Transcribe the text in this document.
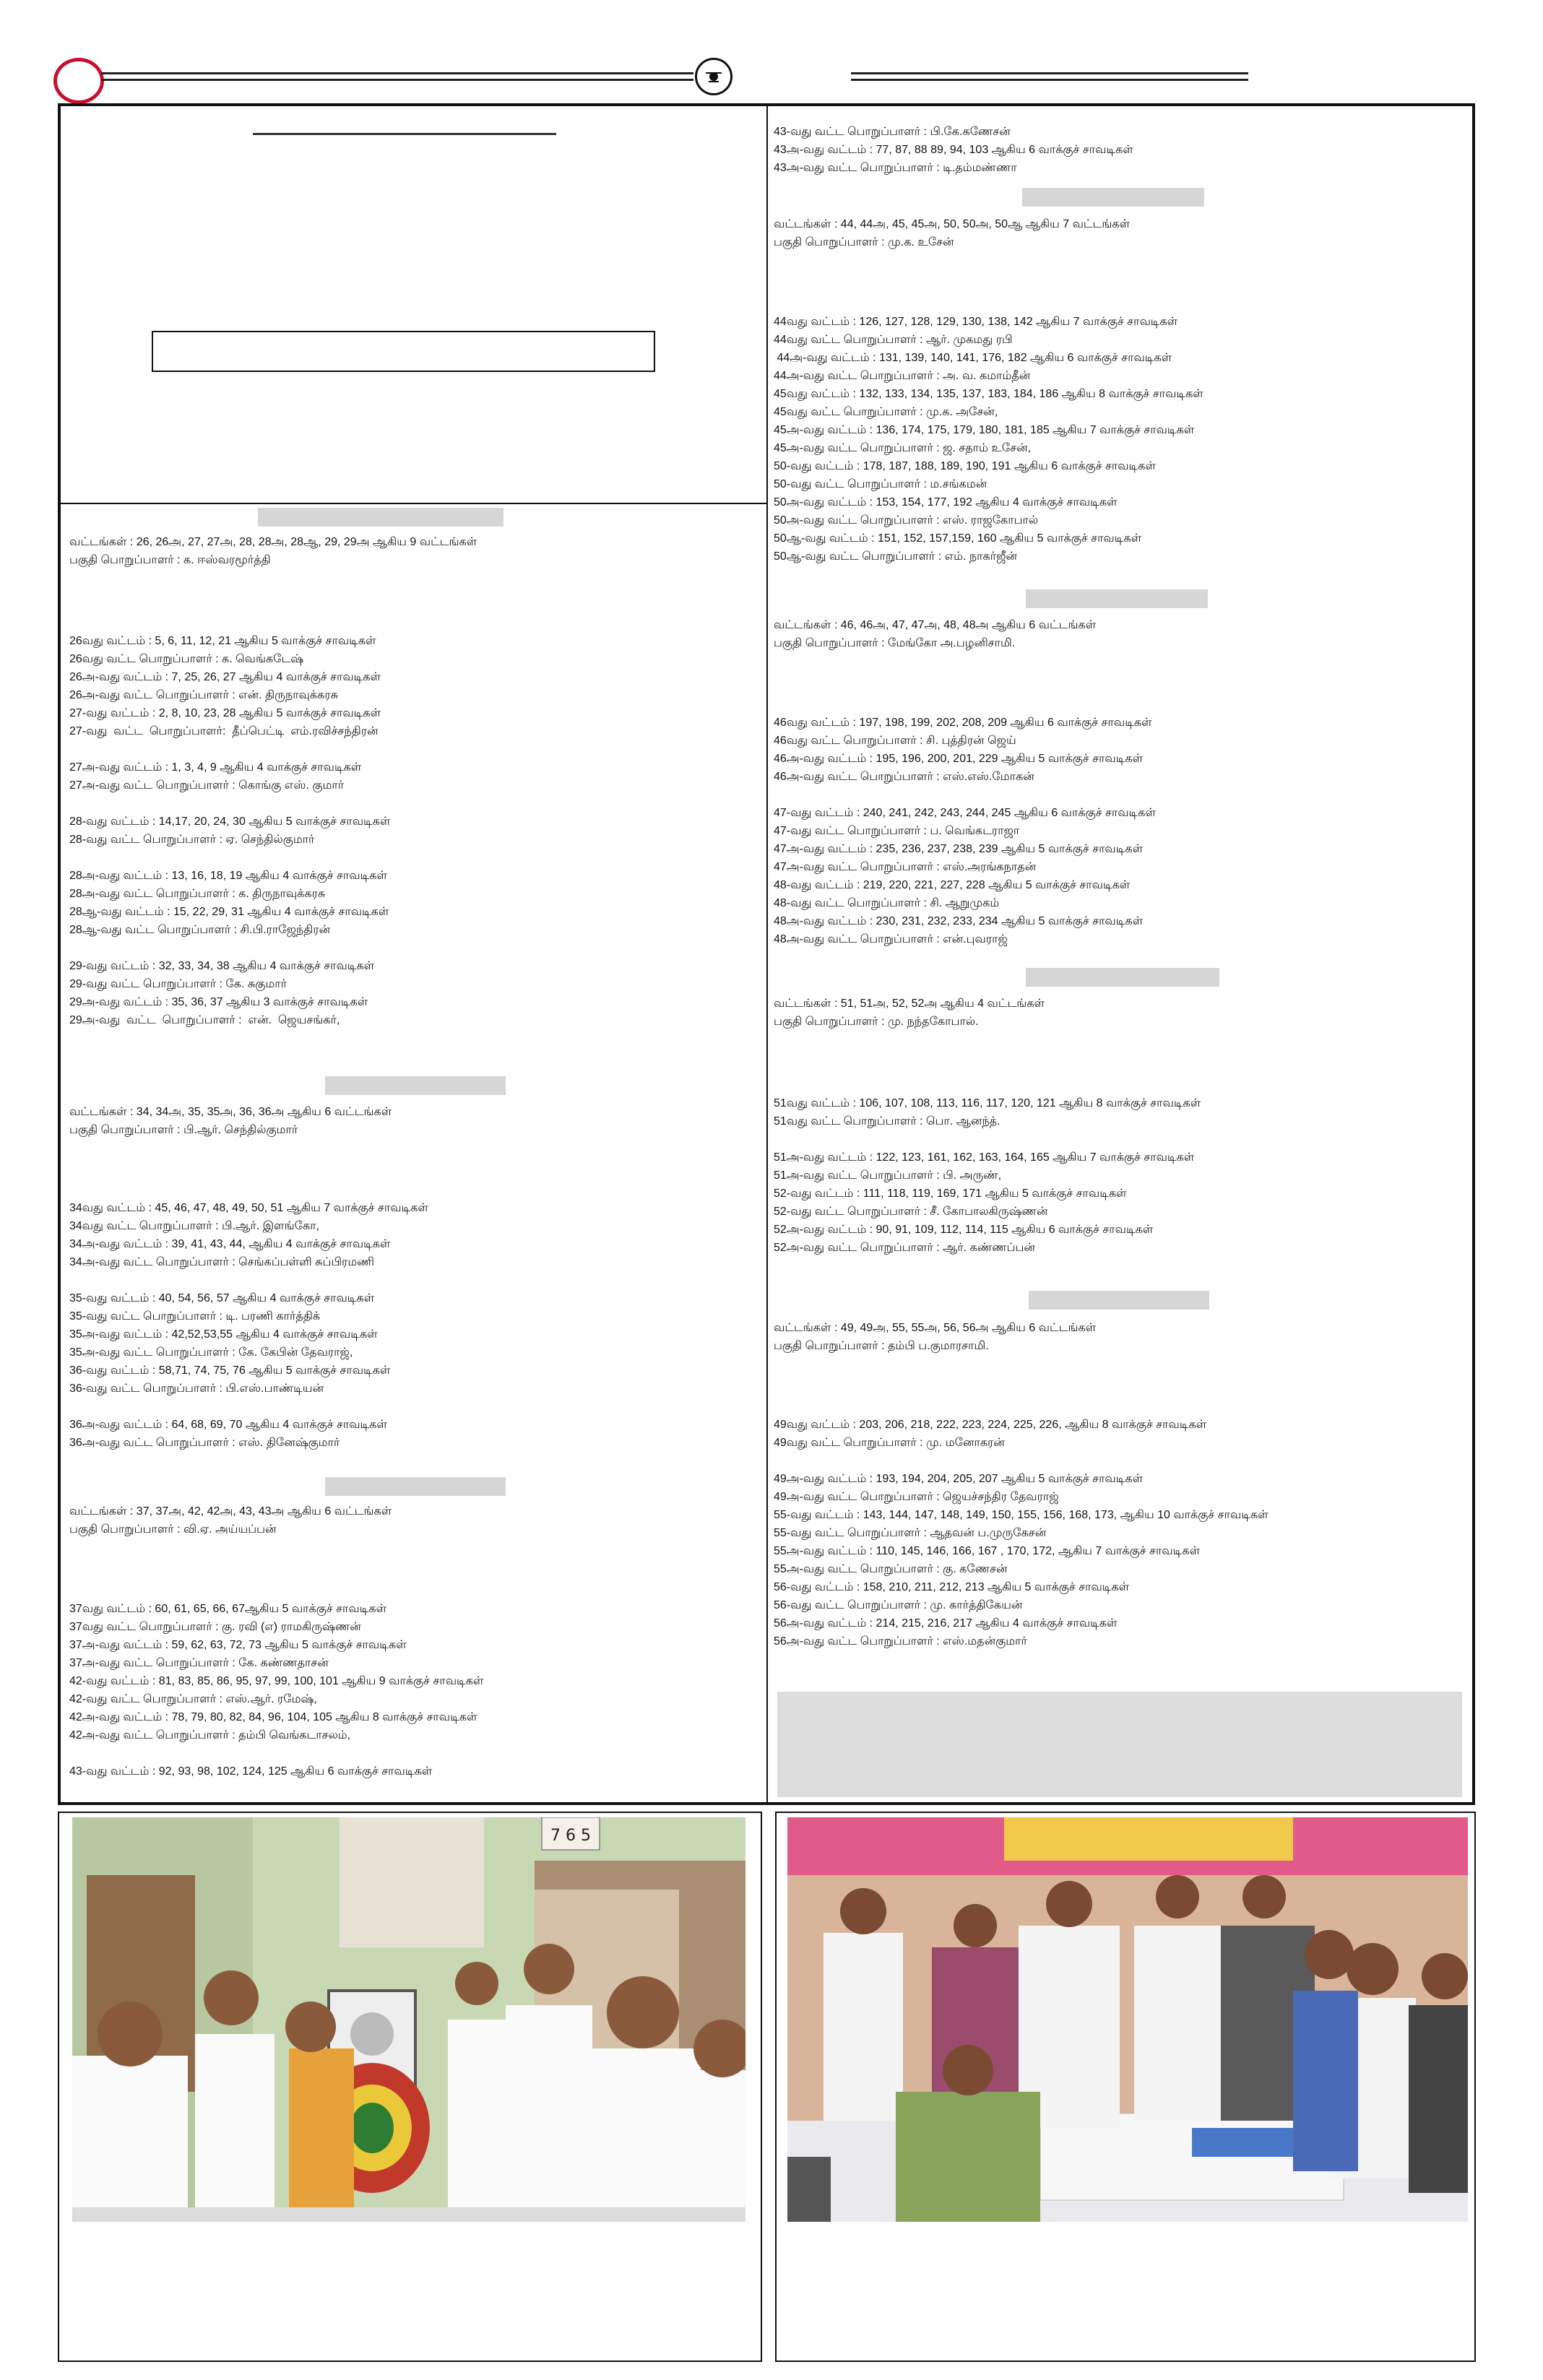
வட்டங்கள் : 26, 26அ, 27, 27அ, 28, 28அ, 28ஆ, 29, 29அ ஆகிய 9 வட்டங்கள்
பகுதி பொறுப்பாளர் : க. ஈஸ்வரமூர்த்தி
26வது வட்டம் : 5, 6, 11, 12, 21 ஆகிய 5 வாக்குச் சாவடிகள்
26வது வட்ட பொறுப்பாளர் : க. வெங்கடேஷ்
26அ-வது வட்டம் : 7, 25, 26, 27 ஆகிய 4 வாக்குச் சாவடிகள்
26அ-வது வட்ட பொறுப்பாளர் : என். திருநாவுக்கரசு
27-வது வட்டம் : 2, 8, 10, 23, 28 ஆகிய 5 வாக்குச் சாவடிகள்
27-வது  வட்ட  பொறுப்பாளர்:  தீப்பெட்டி  எம்.ரவிச்சந்திரன்
27அ-வது வட்டம் : 1, 3, 4, 9 ஆகிய 4 வாக்குச் சாவடிகள்
27அ-வது வட்ட பொறுப்பாளர் : கொங்கு எஸ். குமார்
28-வது வட்டம் : 14,17, 20, 24, 30 ஆகிய 5 வாக்குச் சாவடிகள்
28-வது வட்ட பொறுப்பாளர் : ஏ. செந்தில்குமார்
28அ-வது வட்டம் : 13, 16, 18, 19 ஆகிய 4 வாக்குச் சாவடிகள்
28அ-வது வட்ட பொறுப்பாளர் : க. திருநாவுக்கரசு
28ஆ-வது வட்டம் : 15, 22, 29, 31 ஆகிய 4 வாக்குச் சாவடிகள்
28ஆ-வது வட்ட பொறுப்பாளர் : சி.பி.ராஜேந்திரன்
29-வது வட்டம் : 32, 33, 34, 38 ஆகிய 4 வாக்குச் சாவடிகள்
29-வது வட்ட பொறுப்பாளர் : கே. சுகுமார்
29அ-வது வட்டம் : 35, 36, 37 ஆகிய 3 வாக்குச் சாவடிகள்
29அ-வது  வட்ட  பொறுப்பாளர் :  என்.  ஜெயசங்கர்,
வட்டங்கள் : 34, 34அ, 35, 35அ, 36, 36அ ஆகிய 6 வட்டங்கள்
பகுதி பொறுப்பாளர் : பி.ஆர். செந்தில்குமார்
34வது வட்டம் : 45, 46, 47, 48, 49, 50, 51 ஆகிய 7 வாக்குச் சாவடிகள்
34வது வட்ட பொறுப்பாளர் : பி.ஆர். இளங்கோ,
34அ-வது வட்டம் : 39, 41, 43, 44, ஆகிய 4 வாக்குச் சாவடிகள்
34அ-வது வட்ட பொறுப்பாளர் : செங்கப்பள்ளி சுப்பிரமணி
35-வது வட்டம் : 40, 54, 56, 57 ஆகிய 4 வாக்குச் சாவடிகள்
35-வது வட்ட பொறுப்பாளர் : டி. பரணி கார்த்திக்
35அ-வது வட்டம் : 42,52,53,55 ஆகிய 4 வாக்குச் சாவடிகள்
35அ-வது வட்ட பொறுப்பாளர் : கே. கேபின் தேவராஜ்,
36-வது வட்டம் : 58,71, 74, 75, 76 ஆகிய 5 வாக்குச் சாவடிகள்
36-வது வட்ட பொறுப்பாளர் : பி.எஸ்.பாண்டியன்
36அ-வது வட்டம் : 64, 68, 69, 70 ஆகிய 4 வாக்குச் சாவடிகள்
36அ-வது வட்ட பொறுப்பாளர் : எஸ். தினேஷ்குமார்
வட்டங்கள் : 37, 37அ, 42, 42அ, 43, 43அ ஆகிய 6 வட்டங்கள்
பகுதி பொறுப்பாளர் : வி.ஏ. அய்யப்பன்
37வது வட்டம் : 60, 61, 65, 66, 67ஆகிய 5 வாக்குச் சாவடிகள்
37வது வட்ட பொறுப்பாளர் : கு. ரவி (எ) ராமகிருஷ்ணன்
37அ-வது வட்டம் : 59, 62, 63, 72, 73 ஆகிய 5 வாக்குச் சாவடிகள்
37அ-வது வட்ட பொறுப்பாளர் : கே. கண்ணதாசன்
42-வது வட்டம் : 81, 83, 85, 86, 95, 97, 99, 100, 101 ஆகிய 9 வாக்குச் சாவடிகள்
42-வது வட்ட பொறுப்பாளர் : எஸ்.ஆர். ரமேஷ்,
42அ-வது வட்டம் : 78, 79, 80, 82, 84, 96, 104, 105 ஆகிய 8 வாக்குச் சாவடிகள்
42அ-வது வட்ட பொறுப்பாளர் : தம்பி வெங்கடாசலம்,
43-வது வட்டம் : 92, 93, 98, 102, 124, 125 ஆகிய 6 வாக்குச் சாவடிகள்
43-வது வட்ட பொறுப்பாளர் : பி.கே.கணேசன்
43அ-வது வட்டம் : 77, 87, 88 89, 94, 103 ஆகிய 6 வாக்குச் சாவடிகள்
43அ-வது வட்ட பொறுப்பாளர் : டி.தம்மண்ணா
வட்டங்கள் : 44, 44அ, 45, 45அ, 50, 50அ, 50ஆ ஆகிய 7 வட்டங்கள்
பகுதி பொறுப்பாளர் : மு.க. உசேன்
44வது வட்டம் : 126, 127, 128, 129, 130, 138, 142 ஆகிய 7 வாக்குச் சாவடிகள்
44வது வட்ட பொறுப்பாளர் : ஆர். முகமது ரபி
44அ-வது வட்டம் : 131, 139, 140, 141, 176, 182 ஆகிய 6 வாக்குச் சாவடிகள்
44அ-வது வட்ட பொறுப்பாளர் : அ. வ. கமாம்தீன்
45வது வட்டம் : 132, 133, 134, 135, 137, 183, 184, 186 ஆகிய 8 வாக்குச் சாவடிகள்
45வது வட்ட பொறுப்பாளர் : மு.க. அசேன்,
45அ-வது வட்டம் : 136, 174, 175, 179, 180, 181, 185 ஆகிய 7 வாக்குச் சாவடிகள்
45அ-வது வட்ட பொறுப்பாளர் : ஜ. சதாம் உசேன்,
50-வது வட்டம் : 178, 187, 188, 189, 190, 191 ஆகிய 6 வாக்குச் சாவடிகள்
50-வது வட்ட பொறுப்பாளர் : ம.சங்கமன்
50அ-வது வட்டம் : 153, 154, 177, 192 ஆகிய 4 வாக்குச் சாவடிகள்
50அ-வது வட்ட பொறுப்பாளர் : எஸ். ராஜகோபால்
50ஆ-வது வட்டம் : 151, 152, 157,159, 160 ஆகிய 5 வாக்குச் சாவடிகள்
50ஆ-வது வட்ட பொறுப்பாளர் : எம். நாகர்ஜீன்
வட்டங்கள் : 46, 46அ, 47, 47அ, 48, 48அ ஆகிய 6 வட்டங்கள்
பகுதி பொறுப்பாளர் : மேங்கோ அ.பழனிசாமி.
46வது வட்டம் : 197, 198, 199, 202, 208, 209 ஆகிய 6 வாக்குச் சாவடிகள்
46வது வட்ட பொறுப்பாளர் : சி. புத்திரன் ஜெய்
46அ-வது வட்டம் : 195, 196, 200, 201, 229 ஆகிய 5 வாக்குச் சாவடிகள்
46அ-வது வட்ட பொறுப்பாளர் : எஸ்.எஸ்.மோகன்
47-வது வட்டம் : 240, 241, 242, 243, 244, 245 ஆகிய 6 வாக்குச் சாவடிகள்
47-வது வட்ட பொறுப்பாளர் : ப. வெங்கடராஜா
47அ-வது வட்டம் : 235, 236, 237, 238, 239 ஆகிய 5 வாக்குச் சாவடிகள்
47அ-வது வட்ட பொறுப்பாளர் : எஸ்.அரங்கநாதன்
48-வது வட்டம் : 219, 220, 221, 227, 228 ஆகிய 5 வாக்குச் சாவடிகள்
48-வது வட்ட பொறுப்பாளர் : சி. ஆறுமுகம்
48அ-வது வட்டம் : 230, 231, 232, 233, 234 ஆகிய 5 வாக்குச் சாவடிகள்
48அ-வது வட்ட பொறுப்பாளர் : என்.புவராஜ்
வட்டங்கள் : 51, 51அ, 52, 52அ ஆகிய 4 வட்டங்கள்
பகுதி பொறுப்பாளர் : மு. நந்தகோபால்.
51வது வட்டம் : 106, 107, 108, 113, 116, 117, 120, 121 ஆகிய 8 வாக்குச் சாவடிகள்
51வது வட்ட பொறுப்பாளர் : பொ. ஆனந்த்.
51அ-வது வட்டம் : 122, 123, 161, 162, 163, 164, 165 ஆகிய 7 வாக்குச் சாவடிகள்
51அ-வது வட்ட பொறுப்பாளர் : பி. அருண்,
52-வது வட்டம் : 111, 118, 119, 169, 171 ஆகிய 5 வாக்குச் சாவடிகள்
52-வது வட்ட பொறுப்பாளர் : சீ. கோபாலகிருஷ்ணன்
52அ-வது வட்டம் : 90, 91, 109, 112, 114, 115 ஆகிய 6 வாக்குச் சாவடிகள்
52அ-வது வட்ட பொறுப்பாளர் : ஆர். கண்ணப்பன்
வட்டங்கள் : 49, 49அ, 55, 55அ, 56, 56அ ஆகிய 6 வட்டங்கள்
பகுதி பொறுப்பாளர் : தம்பி ப.குமாரசாமி.
49வது வட்டம் : 203, 206, 218, 222, 223, 224, 225, 226, ஆகிய 8 வாக்குச் சாவடிகள்
49வது வட்ட பொறுப்பாளர் : மு. மனோகரன்
49அ-வது வட்டம் : 193, 194, 204, 205, 207 ஆகிய 5 வாக்குச் சாவடிகள்
49அ-வது வட்ட பொறுப்பாளர் : ஜெயச்சந்திர தேவராஜ்
55-வது வட்டம் : 143, 144, 147, 148, 149, 150, 155, 156, 168, 173, ஆகிய 10 வாக்குச் சாவடிகள்
55-வது வட்ட பொறுப்பாளர் : ஆதவன் ப.முருகேசன்
55அ-வது வட்டம் : 110, 145, 146, 166, 167 , 170, 172, ஆகிய 7 வாக்குச் சாவடிகள்
55அ-வது வட்ட பொறுப்பாளர் : கு. கணேசன்
56-வது வட்டம் : 158, 210, 211, 212, 213 ஆகிய 5 வாக்குச் சாவடிகள்
56-வது வட்ட பொறுப்பாளர் : மு. கார்த்திகேயன்
56அ-வது வட்டம் : 214, 215, 216, 217 ஆகிய 4 வாக்குச் சாவடிகள்
56அ-வது வட்ட பொறுப்பாளர் : எஸ்.மதன்குமார்
7 6 5
